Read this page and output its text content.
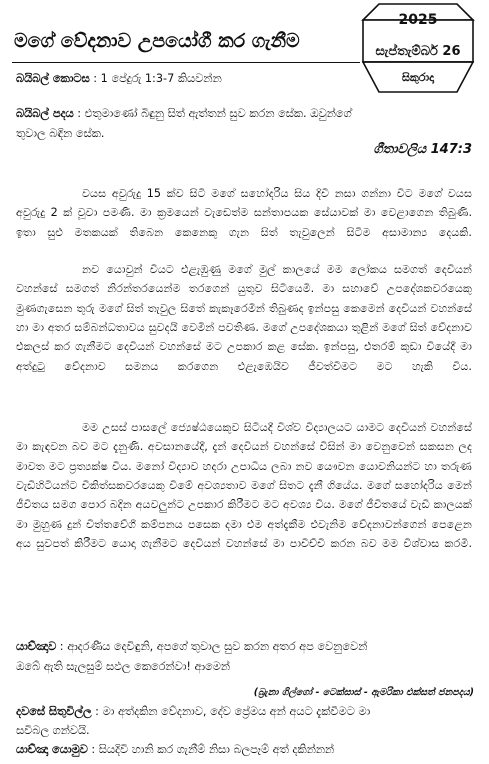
මගේ වේදනාව උපයෝගී කර ගැනීම
2025
සැප්තැම්බර් 26
සිකුරාදා
බයිබල් කොටස : 1 පේදුරු 1:3-7 කියවන්න
බයිබල් පදය : එතුමාණෝ බිඳුනු සිත් ඇත්තන් සුව කරන සේක. ඔවුන්ගේ
තුවාල බඳින සේක.
ගීතාවලිය 147:3

වයස අවුරුදු 15 ක්ව සිටි මගේ සහෝදරිය සිය දිවි නසා ගන්නා විට මගේ වයස අවුරුදු 2 ක් වූවා පමණි. මා ක්‍රමයෙන් වැඩෙත්ම සන්තාපයක සේයාවක් මා වෙළාගෙන තිබුණි. ඉතා සුළු මතකයක් තිබෙන කෙනෙකු ගැන සිත් තැවුලෙන් සිටීම අසාමාන්‍ය දෙයකි.

නව යොවුන් වියට එළැඹුණු මගේ මුල් කාලයේ මම ලෝකය සමගත් දෙවියන් වහන්සේ සමගත් නිරන්තරයෙන්ම තරගෙන් යුතුව සිටියෙමි. මා සහාවේ උපදේශකවරයෙකු මුණගැසෙන තුරු මගේ සිත් තැවුල සිතේ කැකෑරෙමින් තිබුණද ඉන්පසු කෙමෙන් දෙවියන් වහන්සේ හා මා අතර සම්බන්ධතාවය සුවදයි වෙමින් පවතිණ. මගේ උපදේශකයා තුළින් මගේ සිත් වේදනාව එකලස් කර ගැනීමට දෙවියන් වහන්සේ මට උපකාර කළ සේක. ඉන්පසු, එතරම් කුඩා වියේදී මා අත්දුටු වේදනාව සමනය කරගෙන එළැඹෙයිව ජීවත්වීමට මට හැකි විය.

මම උසස් පාසලේ ජ්‍යෙෂ්ඨයෙකුව සිටියදී විශ්ව විද්‍යාලයට යාමට දෙවියන් වහන්සේ මා කැඳවන බව මට දැනුණි. අවසානයේදී, දැන් දෙවියන් වහන්සේ විසින් මා වෙනුවෙන් සකසන ලද මාවත මට ප්‍රත්‍යක්ෂ විය. මනෝ විද්‍යාව හදරා උපාධිය ලබා නව යෞවන යොවනියන්ට හා තරුණ වැඩිහිටියන්ට චිකිත්සකවරයෙකු වීමේ අවශ්‍යතාව මගේ සිතට දැනී ගියේය. මගේ සහෝදරිය මෙන් ජීවිතය සමග පොර බදින අයවලුන්ට උපකාර කිරීමට මට අවශ්‍ය විය. මගේ ජීවිතයේ වැඩි කාලයක් මා මුහුණ දුන් චිත්තවේගී කම්පනය පසෙක දමා එම අත්දැකීම එවැනිම වේදනාවන්ගෙන් පෙළෙන අය සුවපත් කිරීමට යොදා ගැනීමට දෙවියන් වහන්සේ මා පාවිච්චි කරන බව මම විශ්වාස කරමි.

යාච්ඤාව : ආදරණීය දෙවිඳුනි, අපගේ තුවාල සුව කරන අතර අප වෙනුවෙන්
ඔබේ ඇති සැලසුම් සඵල කෙරෙන්වා! ආමෙන්
(බ්‍රැනා ගිල්ගෝ - ටෙක්සාස් - ඇමරිකා එක්සත් ජනපදය)
දවසේ සිතුවිල්ල : මා අත්දකින වේදනාව, දේව ප්‍රේමය අන් අයට දැක්වීමට මා
සවිබල ගන්වයි.
යාච්ඤා යොමුව : සියදිවි හානි කර ගැනීම් නිසා බලපෑම් අත් දකින්නන්
